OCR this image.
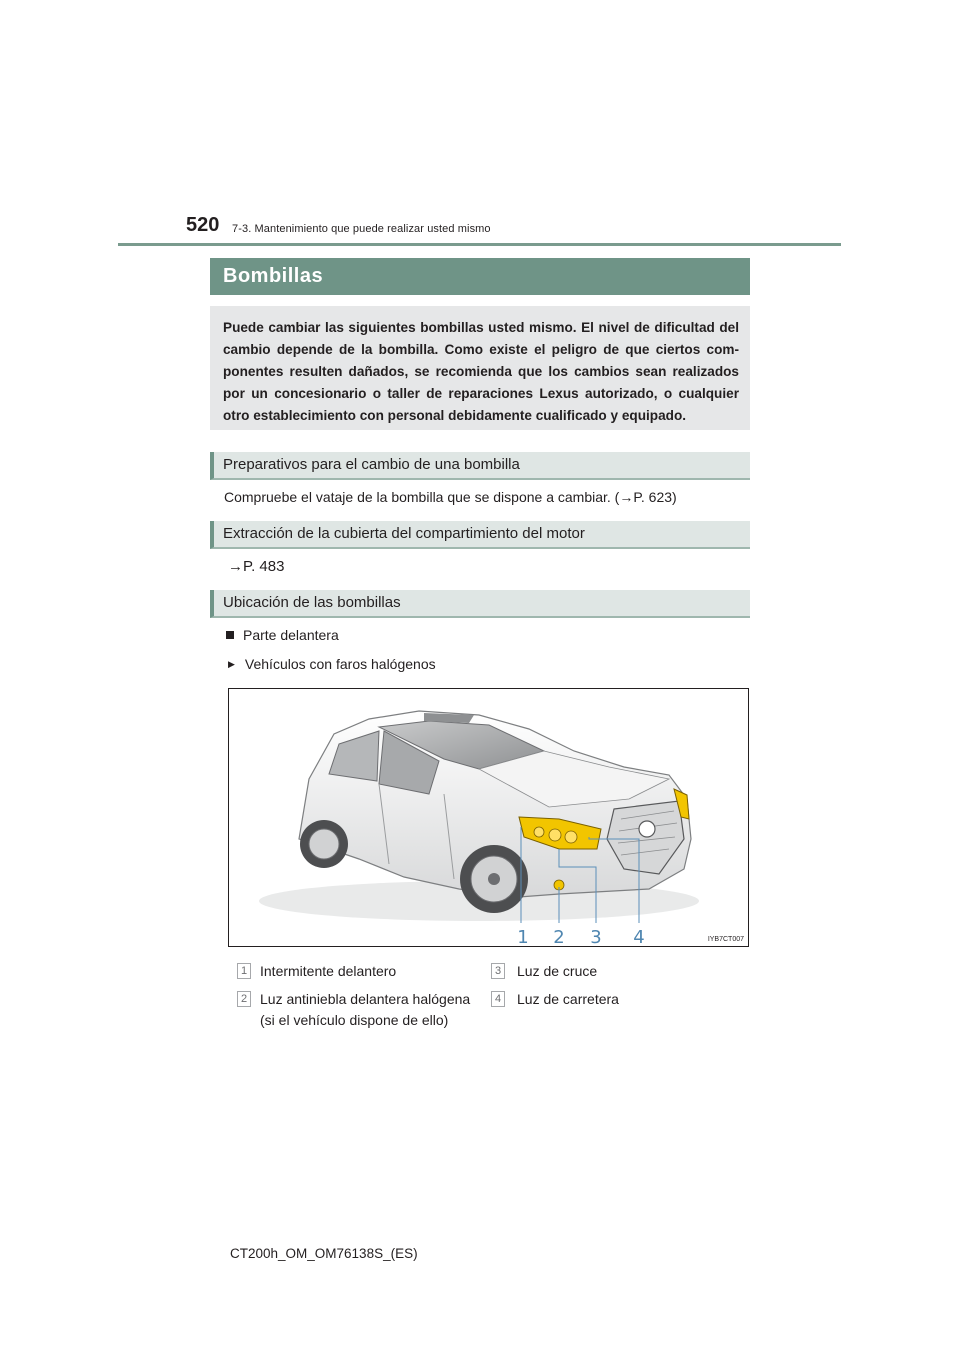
520 7-3. Mantenimiento que puede realizar usted mismo
Bombillas
Puede cambiar las siguientes bombillas usted mismo. El nivel de dificultad del cambio depende de la bombilla. Como existe el peligro de que ciertos com-ponentes resulten dañados, se recomienda que los cambios sean realizados por un concesionario o taller de reparaciones Lexus autorizado, o cualquier otro establecimiento con personal debidamente cualificado y equipado.
Preparativos para el cambio de una bombilla
Compruebe el vataje de la bombilla que se dispone a cambiar. (→P. 623)
Extracción de la cubierta del compartimiento del motor
→P. 483
Ubicación de las bombillas
Parte delantera
▶ Vehículos con faros halógenos
1 2 3 4	IYB7CT007
1 Intermitente delantero
2 Luz antiniebla delantera halógena
(si el vehículo dispone de ello)
3 Luz de cruce
4 Luz de carretera
CT200h_OM_OM76138S_(ES)
